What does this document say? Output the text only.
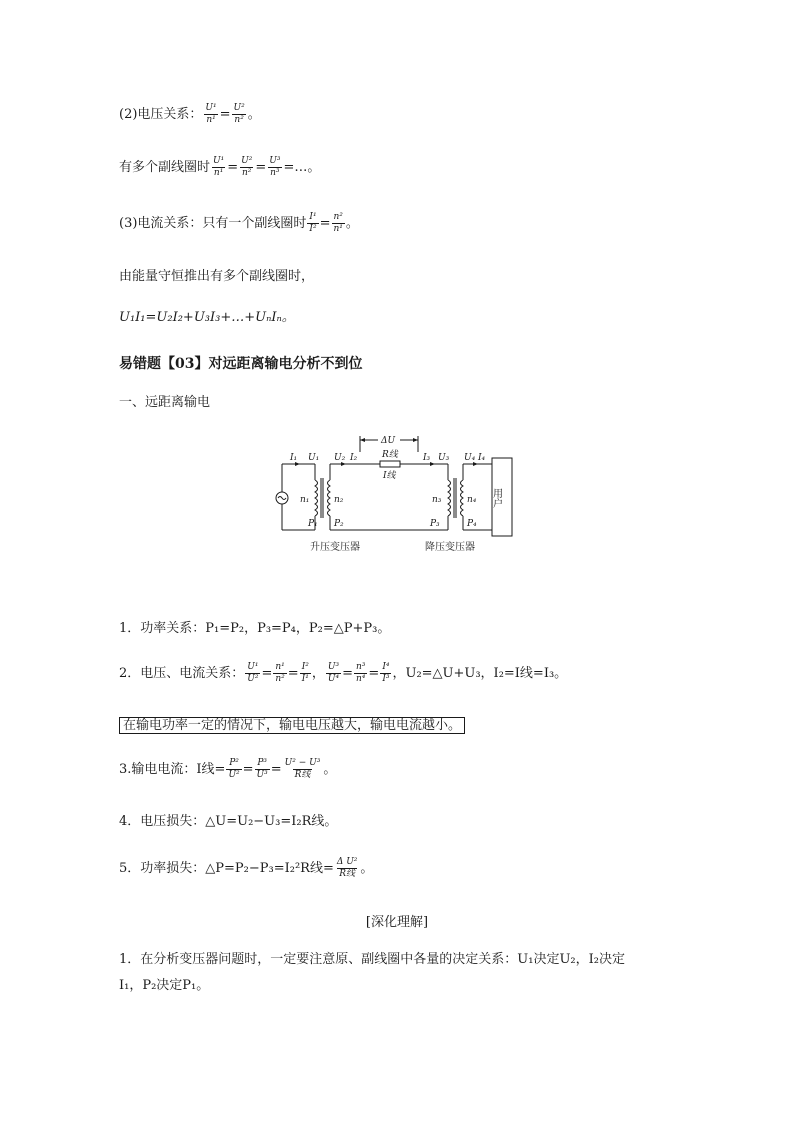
(2)电压关系： $\frac{\text{U¹}}{\text{n¹}} = \frac{\text{U²}}{\text{n²}}$ 。
有多个副线圈时 $\frac{\text{U¹}}{\text{n¹}} = \frac{\text{U²}}{\text{n²}} = \frac{\text{U³}}{\text{n³}}$ =…。
(3)电流关系：只有一个副线圈时 $\frac{\text{I¹}}{\text{I²}} = \frac{\text{n²}}{\text{n¹}}$ 。
由能量守恒推出有多个副线圈时，
U₁I₁=U₂I₂+U₃I₃+…+UₙIₙ。
易错题【03】对远距离输电分析不到位
一、远距离输电
I₁ U₁ U₂ I₂
ΔU
R线
I线
I₃ U₃ U₄ I₄
n₁	n₂	n₃	n₄
P₁ P₂	P₃	P₄
用户
升压变压器	降压变压器
1．功率关系：P₁=P₂，P₃=P₄，P₂=△P+P₃。
2．电压、电流关系： $\frac{\text{U¹}}{\text{U²}} = \frac{\text{n¹}}{\text{n²}} = \frac{\text{I²}}{\text{I¹}}$ ， $\frac{\text{U³}}{\text{U⁴}} = \frac{\text{n³}}{\text{n⁴}} = \frac{\text{I⁴}}{\text{I³}}$ ，U₂=△U+U₃，I₂=I线=I₃。
在输电功率一定的情况下，输电电压越大，输电电流越小。
3.输电电流：I线= $\frac{\text{P²}}{\text{U²}} = \frac{\text{P³}}{\text{U³}} = \frac{\text{U² − U³}}{\text{R线}}$ 。
4．电压损失：△U=U₂−U₃=I₂R线。
5．功率损失：△P=P₂−P₃=I₂²R线= $\frac{\text{Δ U²}}{\text{R线}}$ 。
[深化理解]
1．在分析变压器问题时，一定要注意原、副线圈中各量的决定关系：U₁决定U₂，I₂决定
I₁，P₂决定P₁。
